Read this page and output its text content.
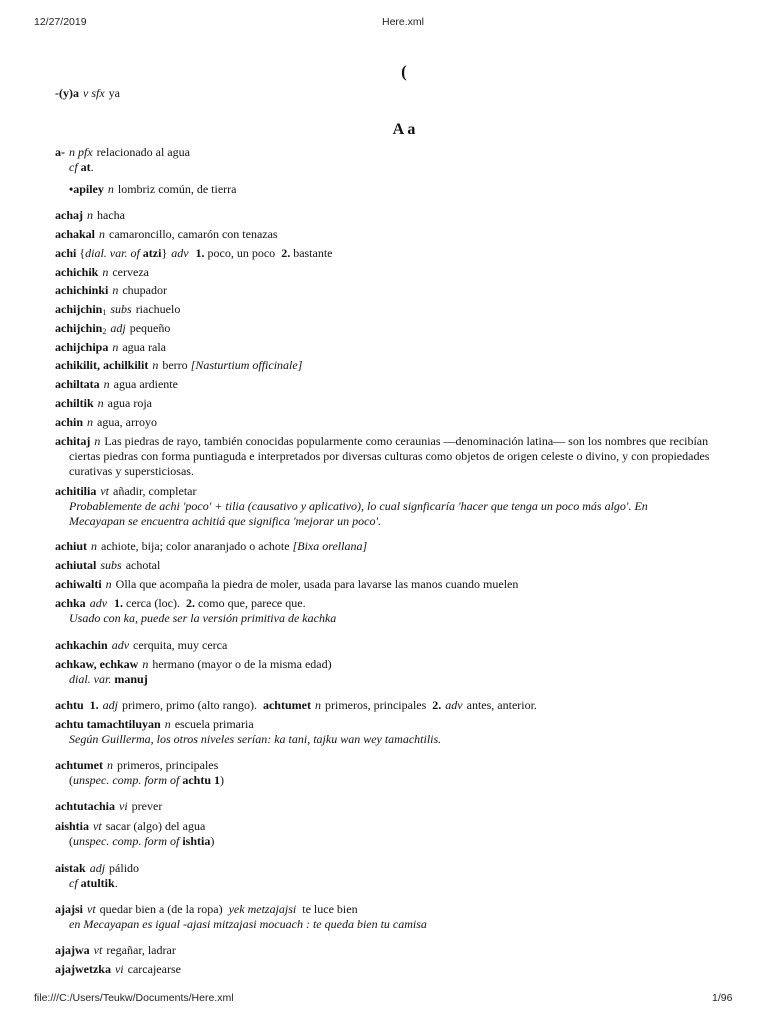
12/27/2019	Here.xml
(
-(y)a v sfx ya
A a
a- n pfx relacionado al agua
cf at.
•apiley n lombriz común, de tierra
achaj n hacha
achakal n camaroncillo, camarón con tenazas
achi {dial. var. of atzi} adv 1. poco, un poco 2. bastante
achichik n cerveza
achichinki n chupador
achijchin$_1$ subs riachuelo
achijchin$_2$ adj pequeño
achijchipa n agua rala
achikilit, achilkilit n berro [Nasturtium officinale]
achiltata n agua ardiente
achiltik n agua roja
achin n agua, arroyo
achitaj n Las piedras de rayo, también conocidas popularmente como ceraunias —denominación latina— son los nombres que recibían ciertas piedras con forma puntiaguda e interpretados por diversas culturas como objetos de origen celeste o divino, y con propiedades curativas y supersticiosas.
achitilia vt añadir, completar
Probablemente de achi 'poco' + tilia (causativo y aplicativo), lo cual signficaría 'hacer que tenga un poco más algo'. En Mecayapan se encuentra achitiá que significa 'mejorar un poco'.
achiut n achiote, bija; color anaranjado o achote [Bixa orellana]
achiutal subs achotal
achiwalti n Olla que acompaña la piedra de moler, usada para lavarse las manos cuando muelen
achka adv 1. cerca (loc). 2. como que, parece que.
Usado con ka, puede ser la versión primitiva de kachka
achkachin adv cerquita, muy cerca
achkaw, echkaw n hermano (mayor o de la misma edad)
dial. var. manuj
achtu 1. adj primero, primo (alto rango). achtumet n primeros, principales 2. adv antes, anterior.
achtu tamachtiluyan n escuela primaria
Según Guillerma, los otros niveles serían: ka tani, tajku wan wey tamachtilis.
achtumet n primeros, principales
(unspec. comp. form of achtu 1)
achtutachia vi prever
aishtia vt sacar (algo) del agua
(unspec. comp. form of ishtia)
aistak adj pálido
cf atultik.
ajajsi vt quedar bien a (de la ropa) yek metzajajsi te luce bien
en Mecayapan es igual -ajasi mitzajasi mocuach : te queda bien tu camisa
ajajwa vt regañar, ladrar
ajajwetzka vi carcajearse
file:///C:/Users/Teukw/Documents/Here.xml	1/96
